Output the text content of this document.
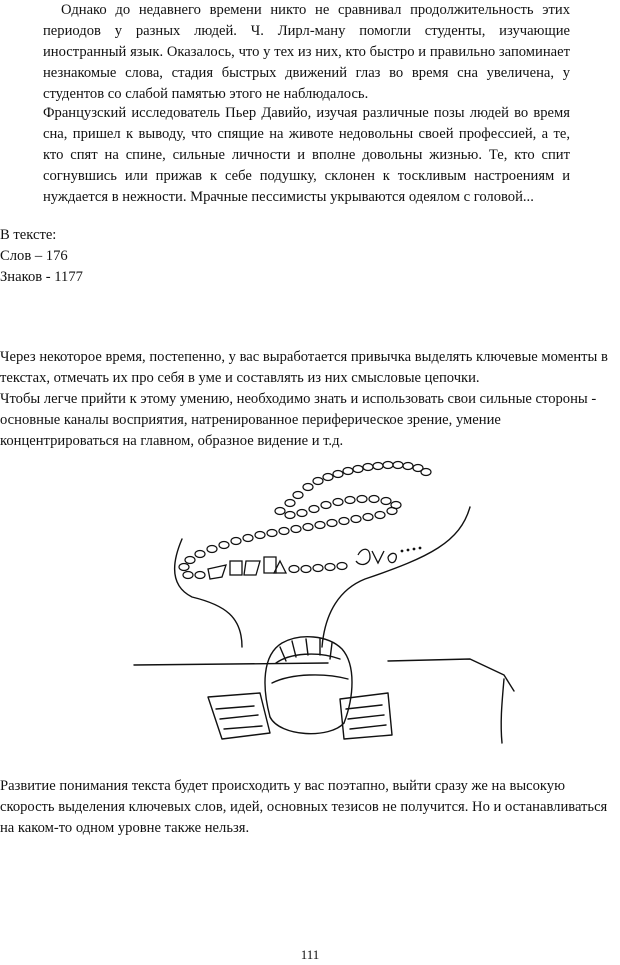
Однако до недавнего времени никто не сравнивал продолжительность этих периодов у разных людей. Ч. Лирл-ману помогли студенты, изучающие иностранный язык. Оказалось, что у тех из них, кто быстро и правильно запоминает незнакомые слова, стадия быстрых движений глаз во время сна увеличена, у студентов со слабой памятью этого не наблюдалось.

Французский исследователь Пьер Давийо, изучая различные позы людей во время сна, пришел к выводу, что спящие на животе недовольны своей профессией, а те, кто спят на спине, сильные личности и вполне довольны жизнью. Те, кто спит согнувшись или прижав к себе подушку, склонен к тоскливым настроениям и нуждается в нежности. Мрачные пессимисты укрываются одеялом с головой...

В тексте:
Слов – 176
Знаков - 1177

Через некоторое время, постепенно, у вас выработается привычка выделять ключевые моменты в текстах, отмечать их про себя в уме и составлять из них смысловые цепочки.

Чтобы легче прийти к этому умению, необходимо знать и использовать свои сильные стороны - основные каналы восприятия, натренированное периферическое зрение, умение концентрироваться на главном, образное видение и т.д.

Развитие понимания текста будет происходить у вас поэтапно, выйти сразу же на высокую скорость выделения ключевых слов, идей, основных тезисов не получится. Но и останавливаться на каком-то одном уровне также нельзя.

111
